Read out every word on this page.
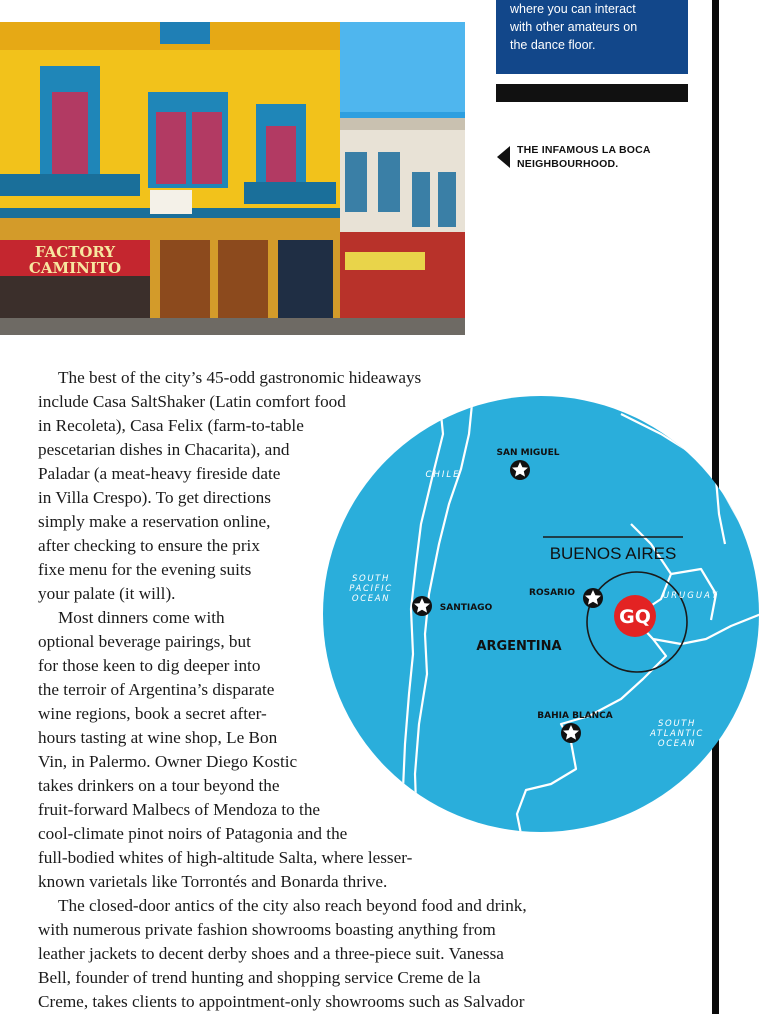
FACTORY
CAMINITO

where you can interact

with other amateurs on

the dance floor.

THE INFAMOUS LA BOCA
NEIGHBOURHOOD.
GQ
SAN MIGUEL
ROSARIO
SANTIAGO
BAHIA BLANCA
ARGENTINA
CHILE
URUGUAY
SOUTH
PACIFIC
OCEAN
SOUTH
ATLANTIC
OCEAN
BUENOS AIRES
The best of the city’s 45-odd gastronomic hideaways
include Casa SaltShaker (Latin comfort food
in Recoleta), Casa Felix (farm-to-table
pescetarian dishes in Chacarita), and
Paladar (a meat-heavy fireside date
in Villa Crespo). To get directions
simply make a reservation online,
after checking to ensure the prix
fixe menu for the evening suits
your palate (it will).
Most dinners come with
optional beverage pairings, but
for those keen to dig deeper into
the terroir of Argentina’s disparate
wine regions, book a secret after-
hours tasting at wine shop, Le Bon
Vin, in Palermo. Owner Diego Kostic
takes drinkers on a tour beyond the
fruit-forward Malbecs of Mendoza to the
cool-climate pinot noirs of Patagonia and the
full-bodied whites of high-altitude Salta, where lesser-
known varietals like Torrontés and Bonarda thrive.
The closed-door antics of the city also reach beyond food and drink,
with numerous private fashion showrooms boasting anything from
leather jackets to decent derby shoes and a three-piece suit. Vanessa
Bell, founder of trend hunting and shopping service Creme de la
Creme, takes clients to appointment-only showrooms such as Salvador
